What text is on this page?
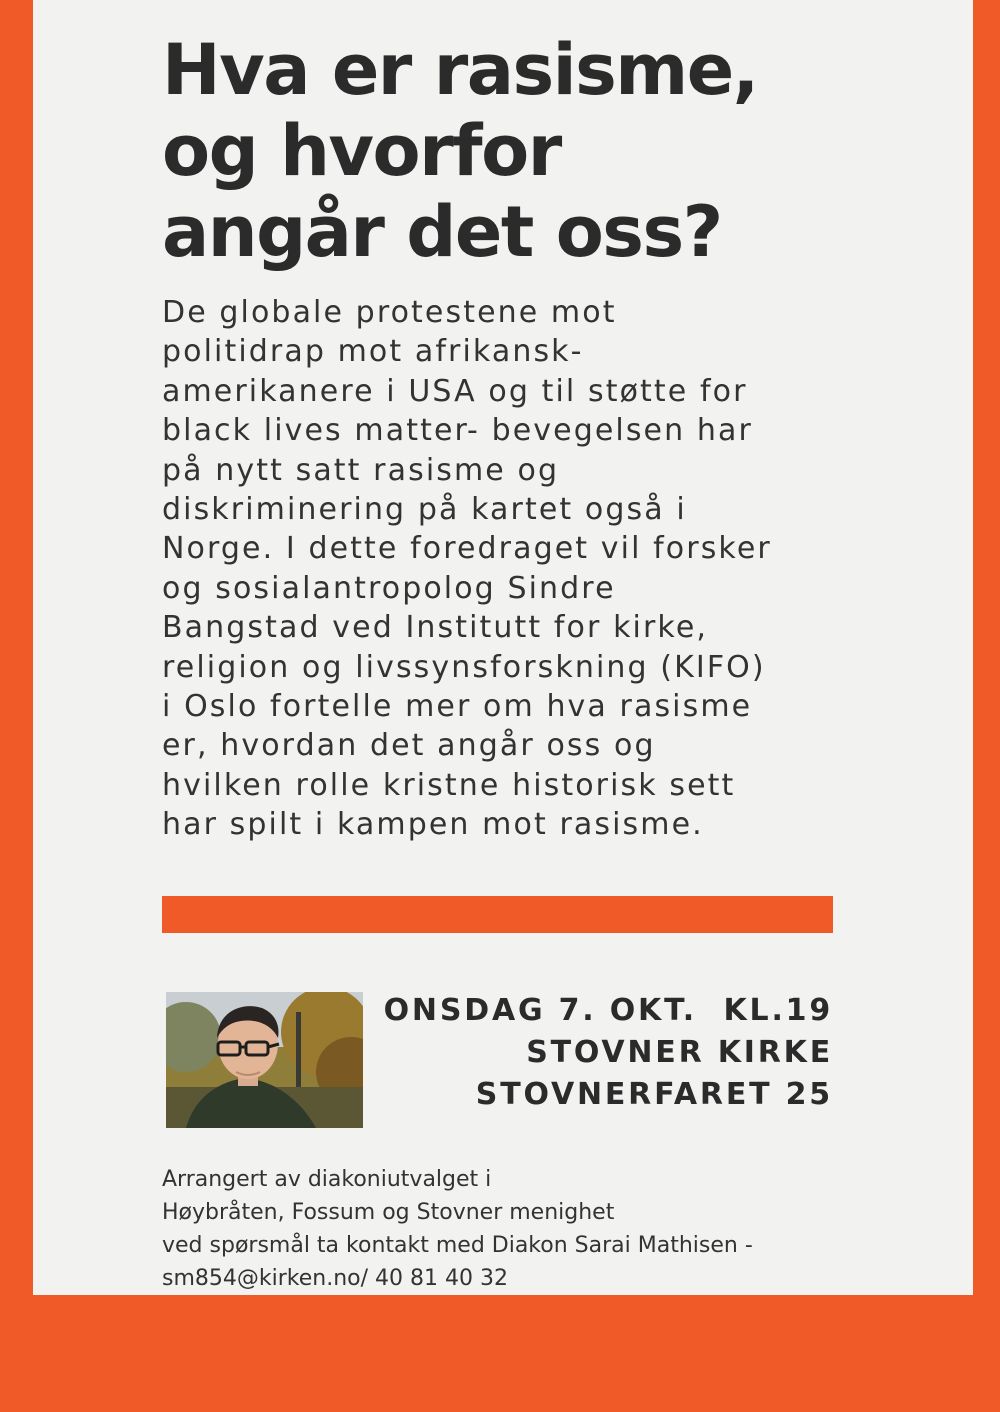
Hva er rasisme,
og hvorfor
angår det oss?
De globale protestene mot
politidrap mot afrikansk-
amerikanere i USA og til støtte for
black lives matter- bevegelsen har
på nytt satt rasisme og
diskriminering på kartet også i
Norge. I dette foredraget vil forsker
og sosialantropolog Sindre
Bangstad ved Institutt for kirke,
religion og livssynsforskning (KIFO)
i Oslo fortelle mer om hva rasisme
er, hvordan det angår oss og
hvilken rolle kristne historisk sett
har spilt i kampen mot rasisme.
ONSDAG 7. OKT.  KL.19
STOVNER KIRKE
STOVNERFARET 25
Arrangert av diakoniutvalget i
Høybråten, Fossum og Stovner menighet
ved spørsmål ta kontakt med Diakon Sarai Mathisen -
sm854@kirken.no/ 40 81 40 32
